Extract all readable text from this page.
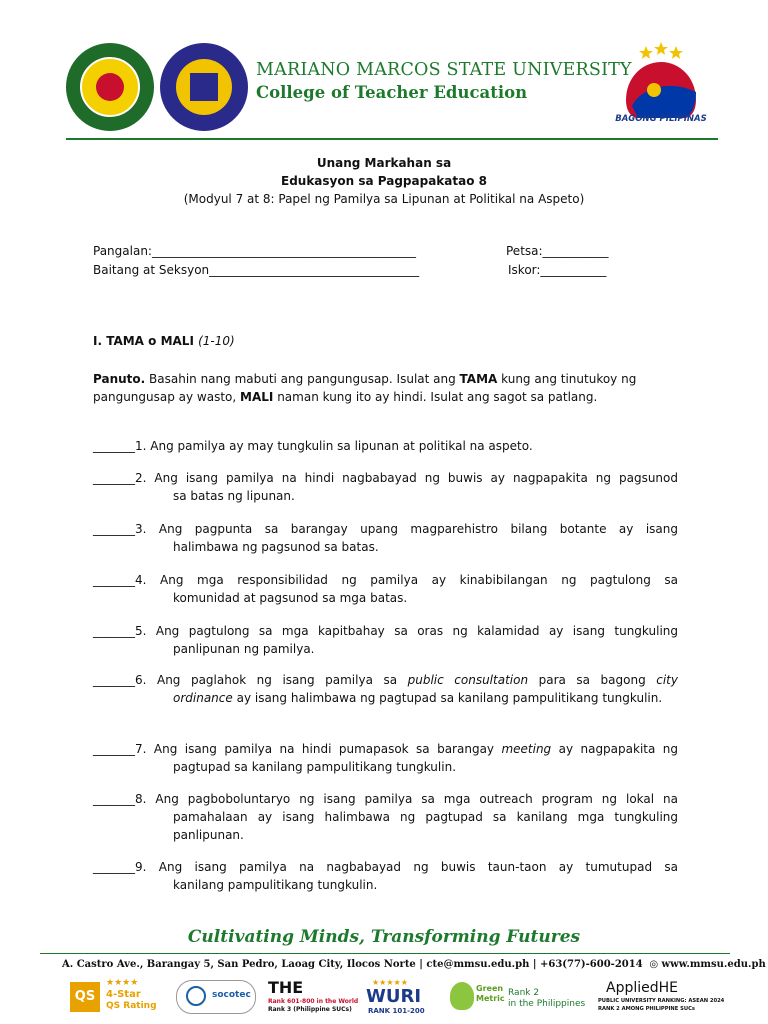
MARIANO MARCOS STATE UNIVERSITY
College of Teacher Education
BAGONG PILIPINAS
Unang Markahan sa
Edukasyon sa Pagpapakatao 8
(Modyul 7 at 8: Papel ng Pamilya sa Lipunan at Politikal na Aspeto)
Pangalan:____________________________________________	Petsa:___________
Baitang at Seksyon___________________________________	Iskor:___________
I. TAMA o MALI (1-10)
Panuto. Basahin nang mabuti ang pangungusap. Isulat ang TAMA kung ang tinutukoy ng pangungusap ay wasto, MALI naman kung ito ay hindi. Isulat ang sagot sa patlang.
_______1. Ang pamilya ay may tungkulin sa lipunan at politikal na aspeto.
_______2. Ang isang pamilya na hindi nagbabayad ng buwis ay nagpapakita ng pagsunod
sa batas ng lipunan.
_______3. Ang pagpunta sa barangay upang magparehistro bilang botante ay isang
halimbawa ng pagsunod sa batas.
_______4. Ang mga responsibilidad ng pamilya ay kinabibilangan ng pagtulong sa
komunidad at pagsunod sa mga batas.
_______5. Ang pagtulong sa mga kapitbahay sa oras ng kalamidad ay isang tungkuling
panlipunan ng pamilya.
_______6. Ang paglahok ng isang pamilya sa public consultation para sa bagong city
ordinance ay isang halimbawa ng pagtupad sa kanilang pampulitikang tungkulin.
_______7. Ang isang pamilya na hindi pumapasok sa barangay meeting ay nagpapakita ng
pagtupad sa kanilang pampulitikang tungkulin.
_______8. Ang pagboboluntaryo ng isang pamilya sa mga outreach program ng lokal na
pamahalaan ay isang halimbawa ng pagtupad sa kanilang mga tungkuling panlipunan.
_______9. Ang isang pamilya na nagbabayad ng buwis taun-taon ay tumutupad sa
kanilang pampulitikang tungkulin.
Cultivating Minds, Transforming Futures
A. Castro Ave., Barangay 5, San Pedro, Laoag City, Ilocos Norte | cte@mmsu.edu.ph | +63(77)-600-2014  ◎ www.mmsu.edu.ph
QS
★★★★
4-Star
QS Rating
socotec THE
Rank 601-800 in the World
Rank 3 (Philippine SUCs)
★★★★★
WURI
RANK 101-200
Green
Metric
Rank 2
in the Philippines
AppliedHE
PUBLIC UNIVERSITY RANKING: ASEAN 2024
RANK 2 AMONG PHILIPPINE SUCs
